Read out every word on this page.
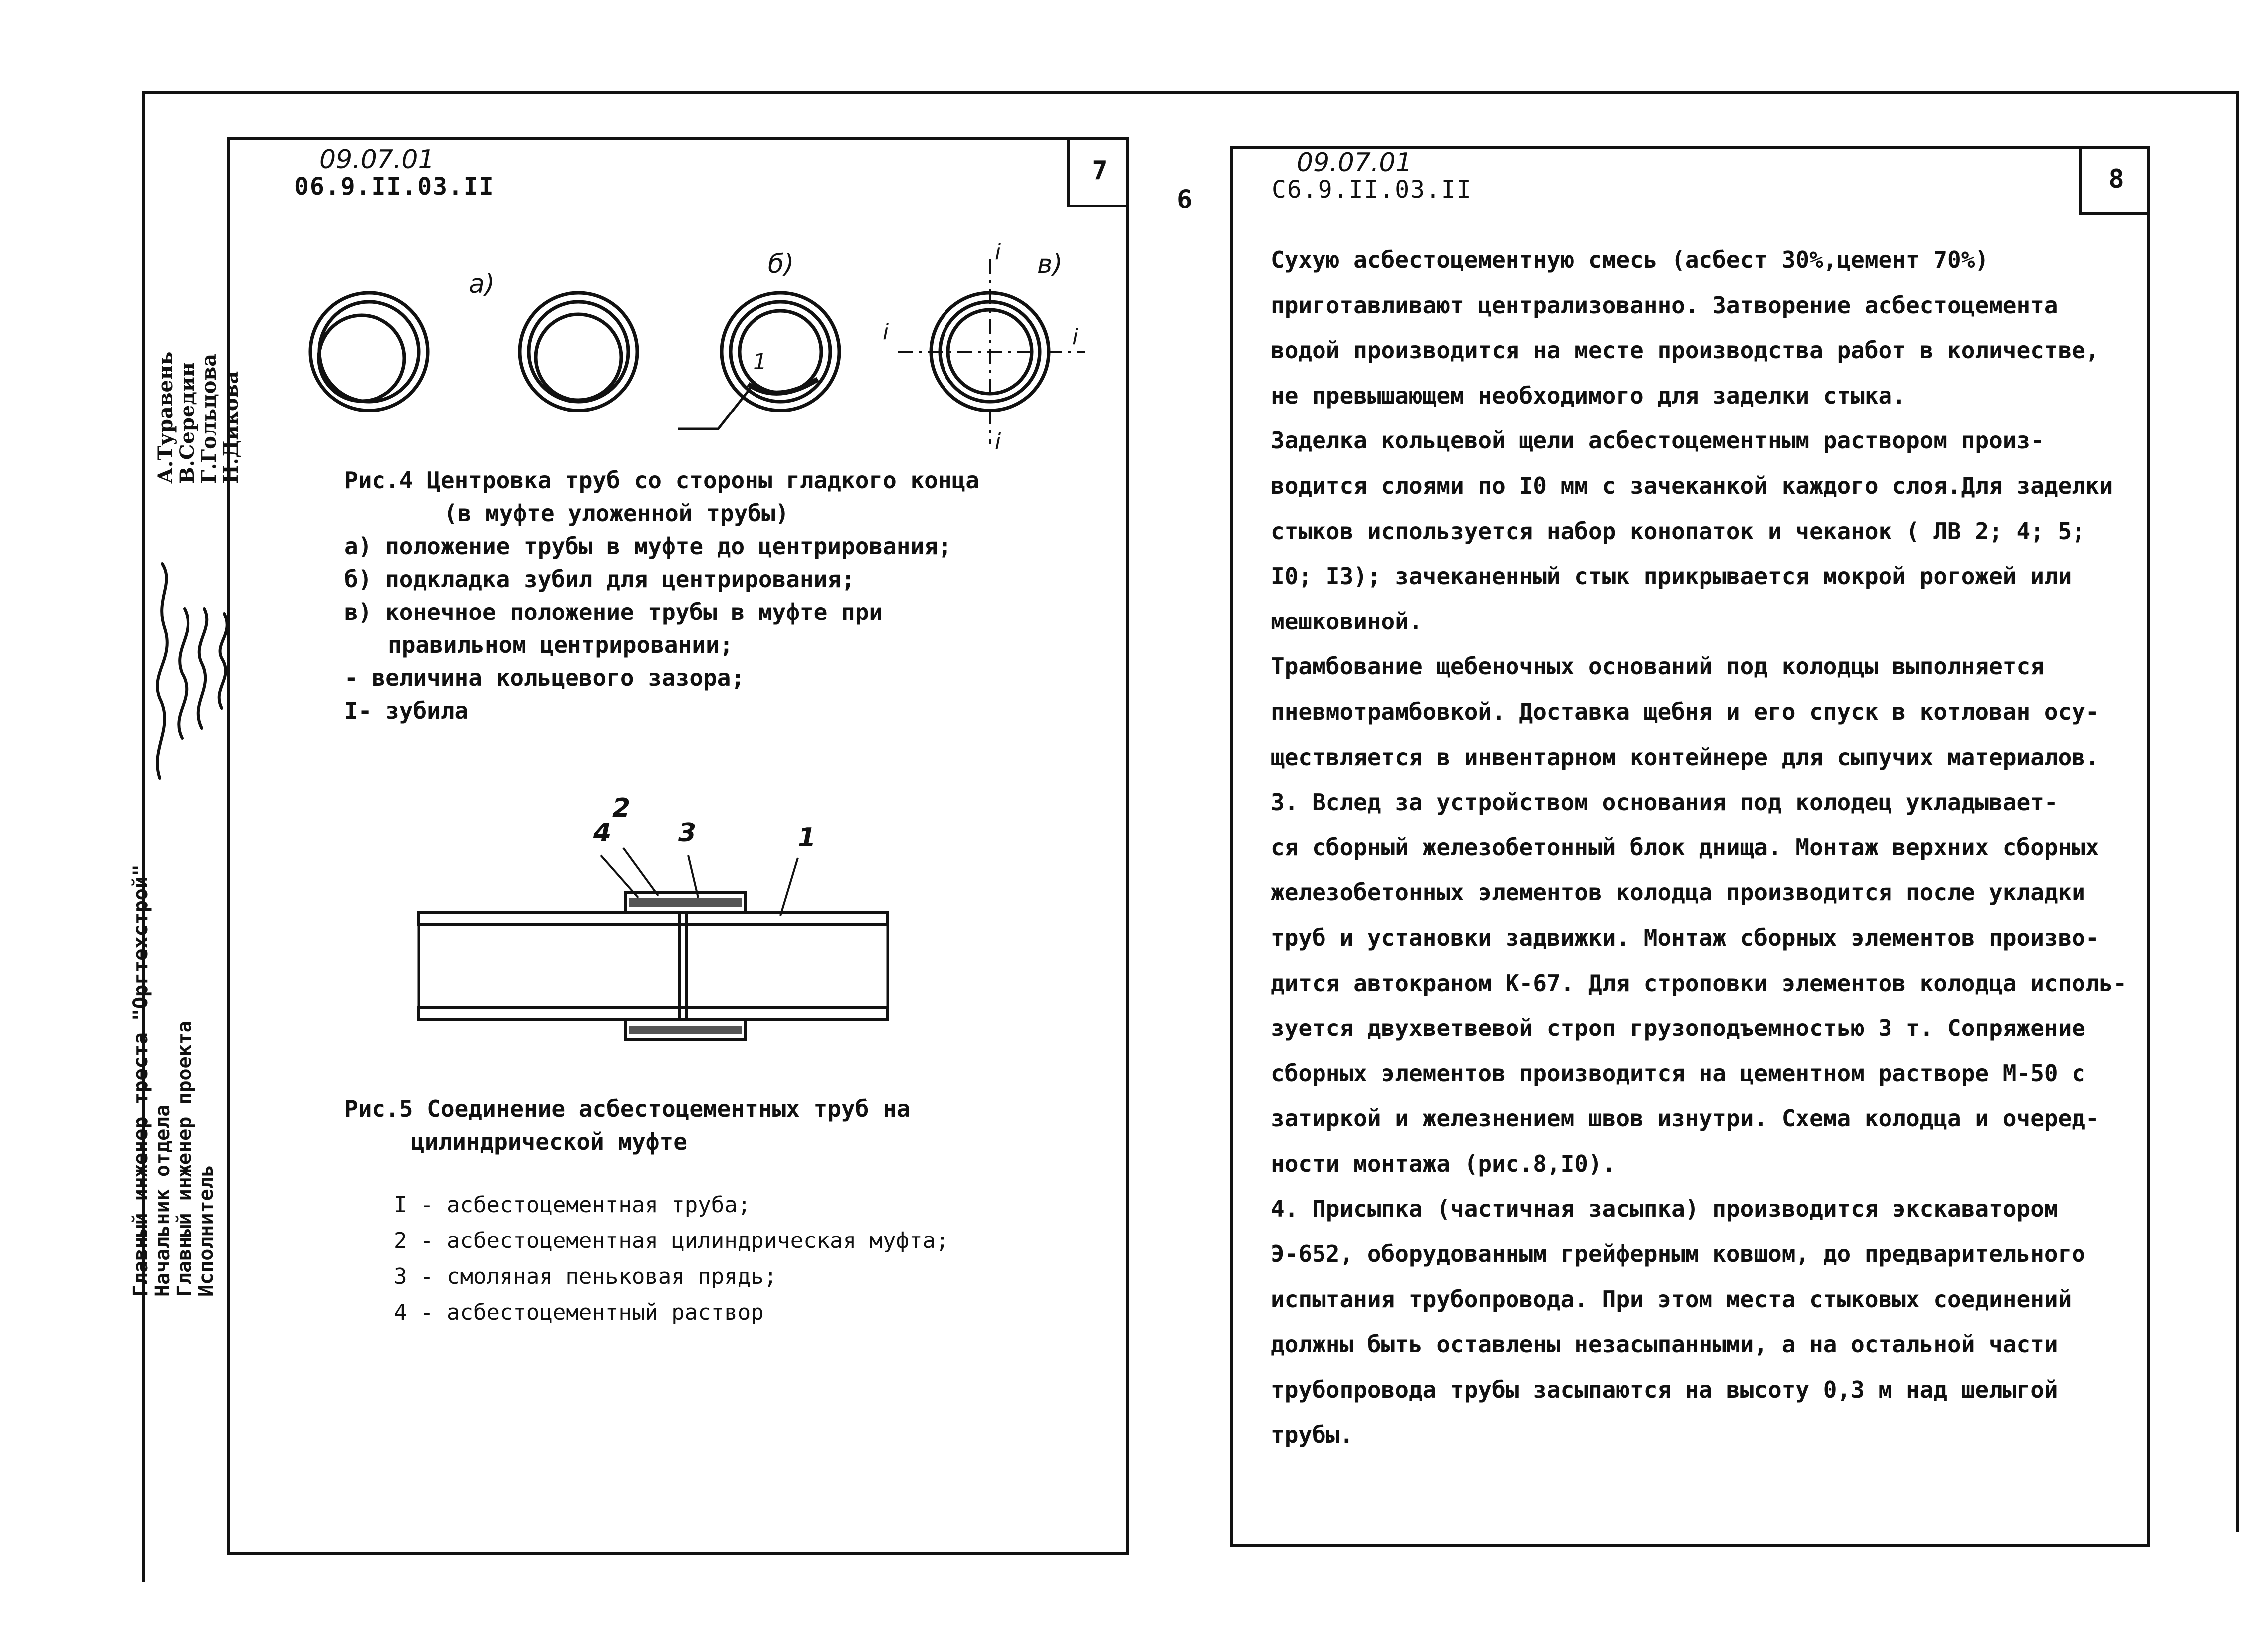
6
7
09.07.01
06.9.II.03.II
а)
б)	в)
i
i	i
i
1
Рис.4 Центровка труб со стороны гладкого конца
(в муфте уложенной трубы)
а) положение трубы в муфте до центрирования;
б) подкладка зубил для центрирования;
в) конечное положение трубы в муфте при
правильном центрировании;
- величина кольцевого зазора;
I- зубила
2
4	3	1
Рис.5 Соединение асбестоцементных труб на
цилиндрической муфте
I - асбестоцементная труба;
2 - асбестоцементная цилиндрическая муфта;
3 - смоляная пеньковая прядь;
4 - асбестоцементный раствор
Главный инженер треста "Оргтехстрой"
Начальник отдела
Главный инженер проекта
Исполнитель
А.Туравень
В.Середин
Г.Гольцова
Н.Дикова
8
09.07.01
С6.9.II.03.II

Сухую асбестоцементную смесь (асбест 30%,цемент 70%)
приготавливают централизованно. Затворение асбестоцемента
водой производится на месте производства работ в количестве,
не превышающем необходимого для заделки стыка.

Заделка кольцевой щели асбестоцементным раствором произ-
водится слоями по I0 мм с зачеканкой каждого слоя.Для заделки
стыков используется набор конопаток и чеканок ( ЛВ 2; 4; 5;
I0; I3); зачеканенный стык прикрывается мокрой рогожей или
мешковиной.

Трамбование щебеночных оснований под колодцы выполняется
пневмотрамбовкой. Доставка щебня и его спуск в котлован осу-
ществляется в инвентарном контейнере для сыпучих материалов.

3. Вслед за устройством основания под колодец укладывает-
ся сборный железобетонный блок днища. Монтаж верхних сборных
железобетонных элементов колодца производится после укладки
труб и установки задвижки. Монтаж сборных элементов произво-
дится автокраном К-67. Для строповки элементов колодца исполь-
зуется двухветвевой строп грузоподъемностью 3 т. Сопряжение
сборных элементов производится на цементном растворе М-50 с
затиркой и железнением швов изнутри. Схема колодца и очеред-
ности монтажа (рис.8,I0).

4. Присыпка (частичная засыпка) производится экскаватором
Э-652, оборудованным грейферным ковшом, до предварительного
испытания трубопровода. При этом места стыковых соединений
должны быть оставлены незасыпанными, а на остальной части
трубопровода трубы засыпаются на высоту 0,3 м над шелыгой
трубы.
